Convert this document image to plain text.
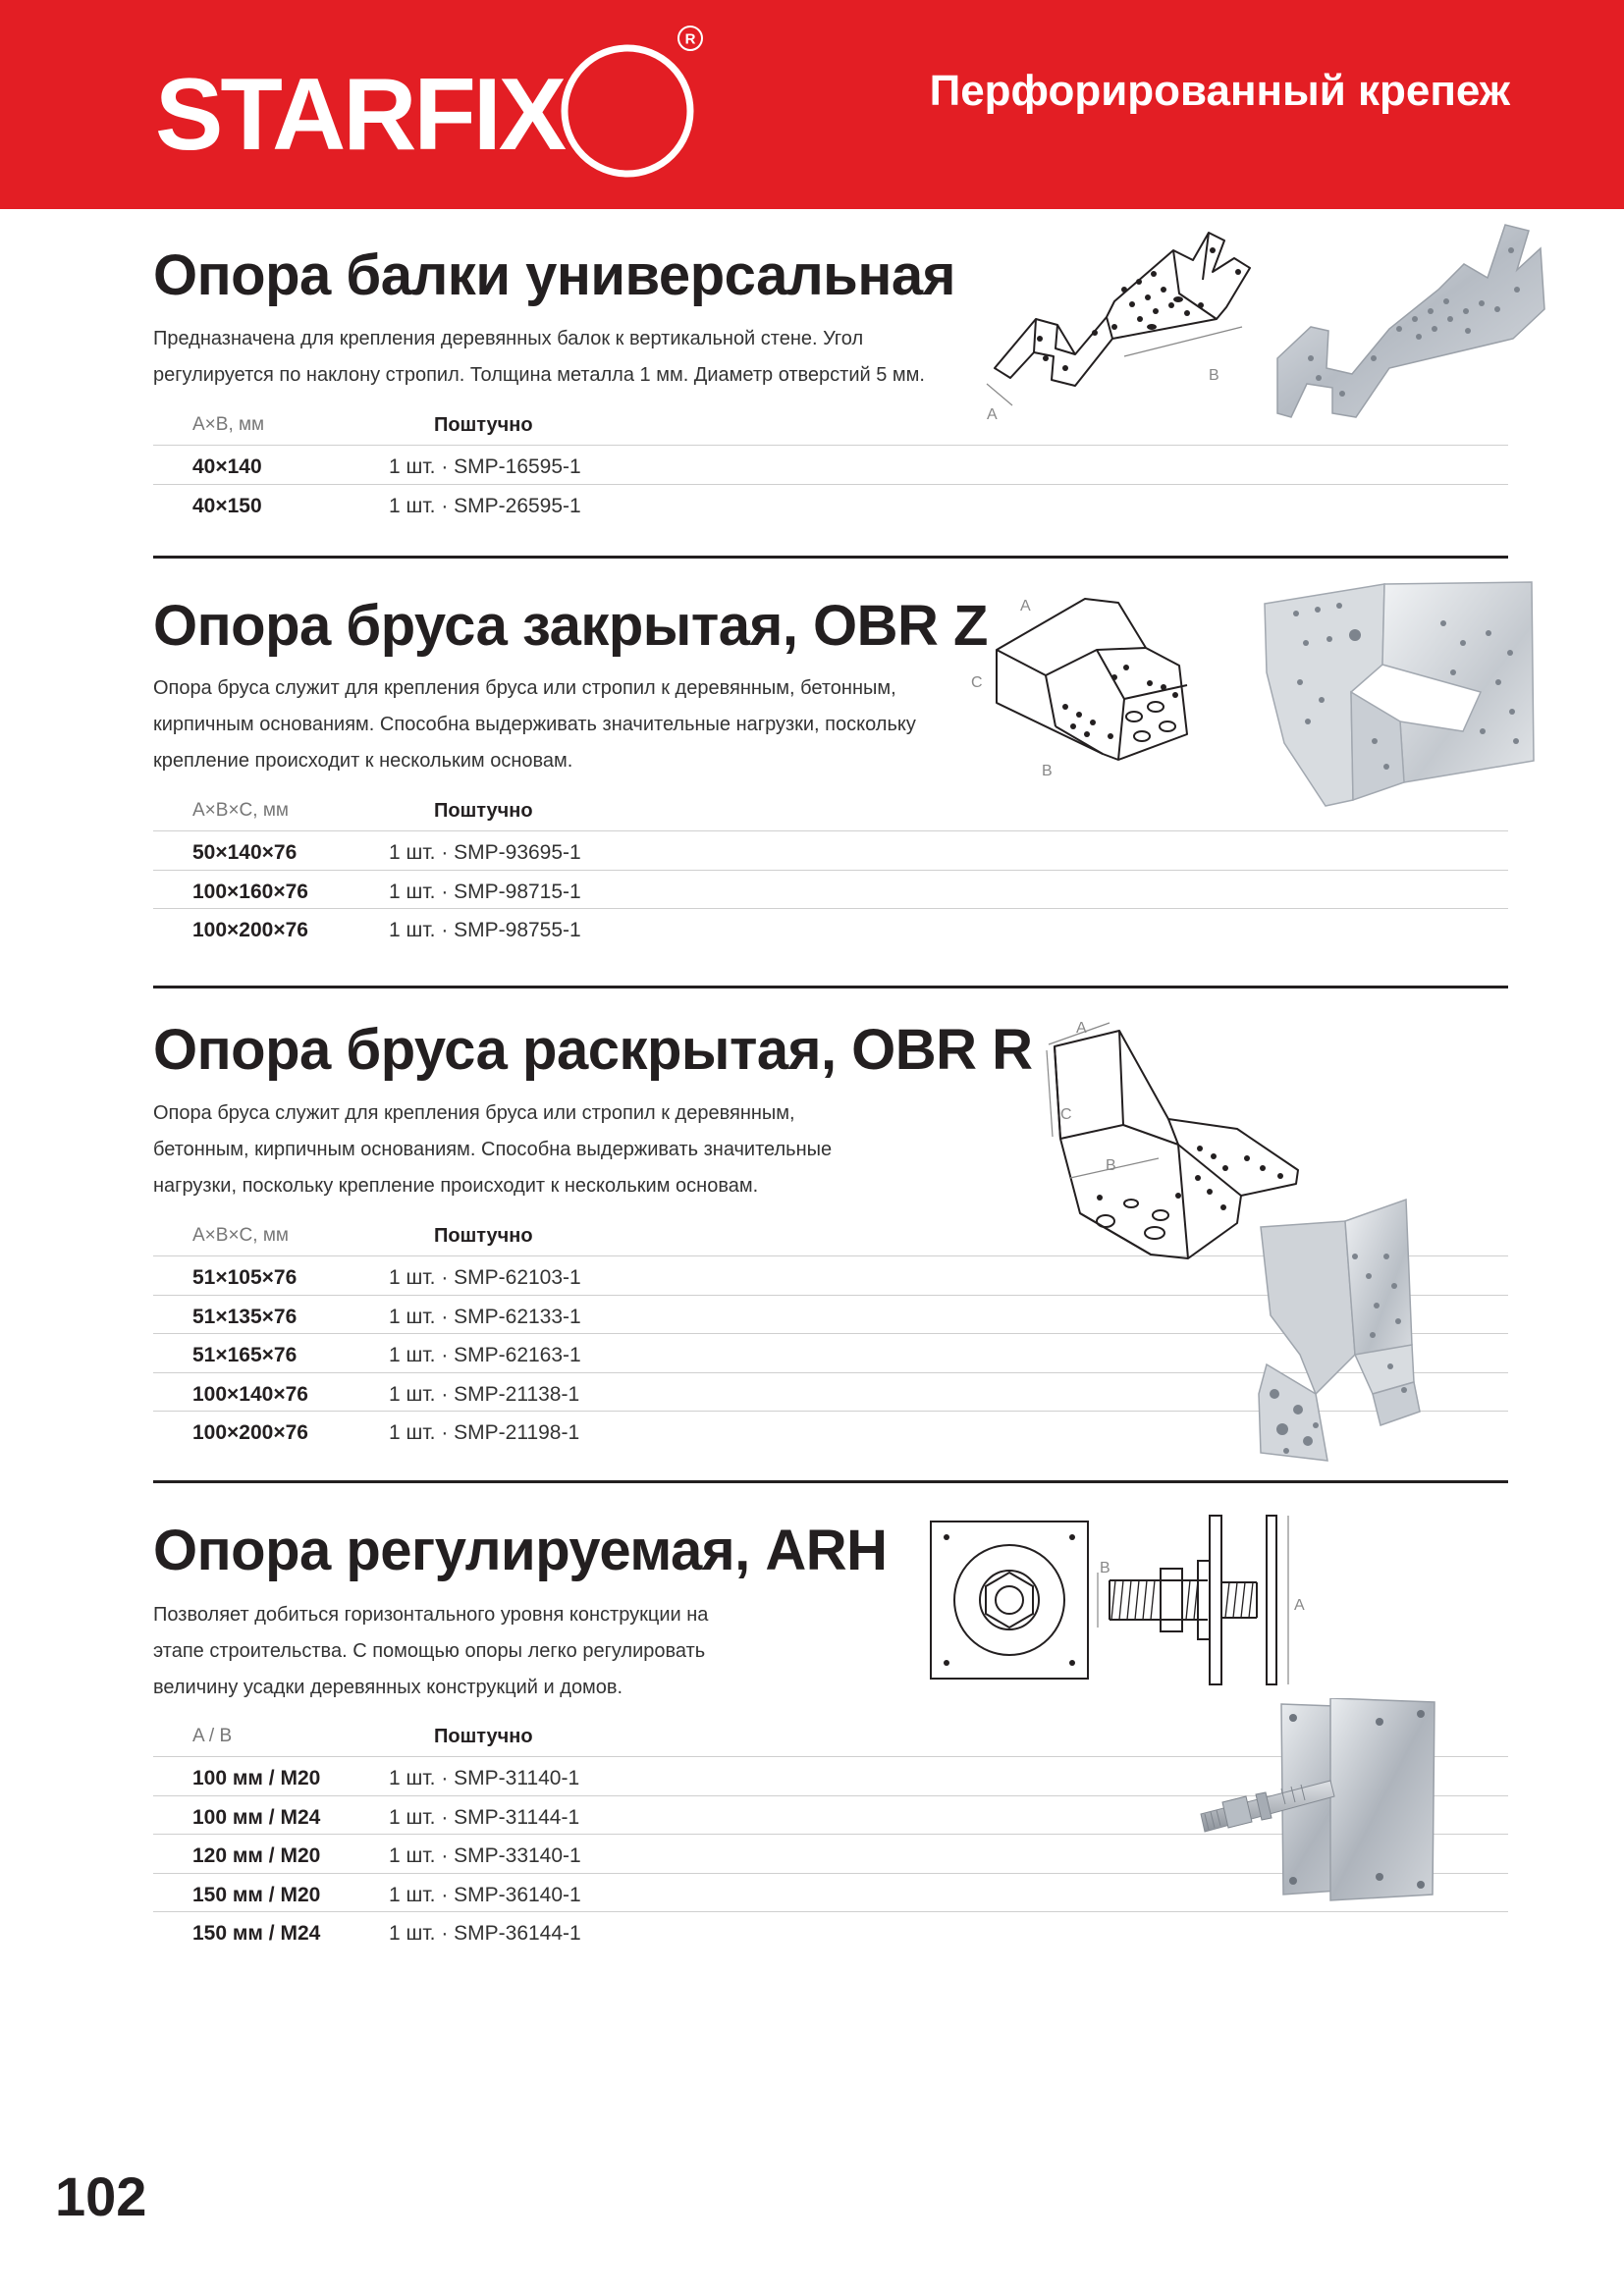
STARFIX
R
Перфорированный крепеж
Опора балки универсальная

Предназначена для крепления деревянных балок к вертикальной стене. Угол

регулируется по наклону стропил. Толщина металла 1 мм. Диаметр отверстий 5 мм.

A×B, мм	Поштучно
40×140	1 шт. · SMP-16595-1
40×150	1 шт. · SMP-26595-1
A
B
Опора бруса закрытая, OBR Z

Опора бруса служит для крепления бруса или стропил к деревянным, бетонным,

кирпичным основаниям. Способна выдерживать значительные нагрузки, поскольку

крепление происходит к нескольким основам.

A×B×C, мм	Поштучно
50×140×76	1 шт. · SMP-93695-1
100×160×76	1 шт. · SMP-98715-1
100×200×76	1 шт. · SMP-98755-1
A
C
B
Опора бруса раскрытая, OBR R

Опора бруса служит для крепления бруса или стропил к деревянным,

бетонным, кирпичным основаниям. Способна выдерживать значительные

нагрузки, поскольку крепление происходит к нескольким основам.

A×B×C, мм	Поштучно
51×105×76	1 шт. · SMP-62103-1
51×135×76	1 шт. · SMP-62133-1
51×165×76	1 шт. · SMP-62163-1
100×140×76	1 шт. · SMP-21138-1
100×200×76	1 шт. · SMP-21198-1
A
C
B
Опора регулируемая, ARH

Позволяет добиться горизонтального уровня конструкции на

этапе строительства. С помощью опоры легко регулировать

величину усадки деревянных конструкций и домов.

A / B	Поштучно
100 мм / М20	1 шт. · SMP-31140-1
100 мм / М24	1 шт. · SMP-31144-1
120 мм / М20	1 шт. · SMP-33140-1
150 мм / М20	1 шт. · SMP-36140-1
150 мм / М24	1 шт. · SMP-36144-1
B
A
102
